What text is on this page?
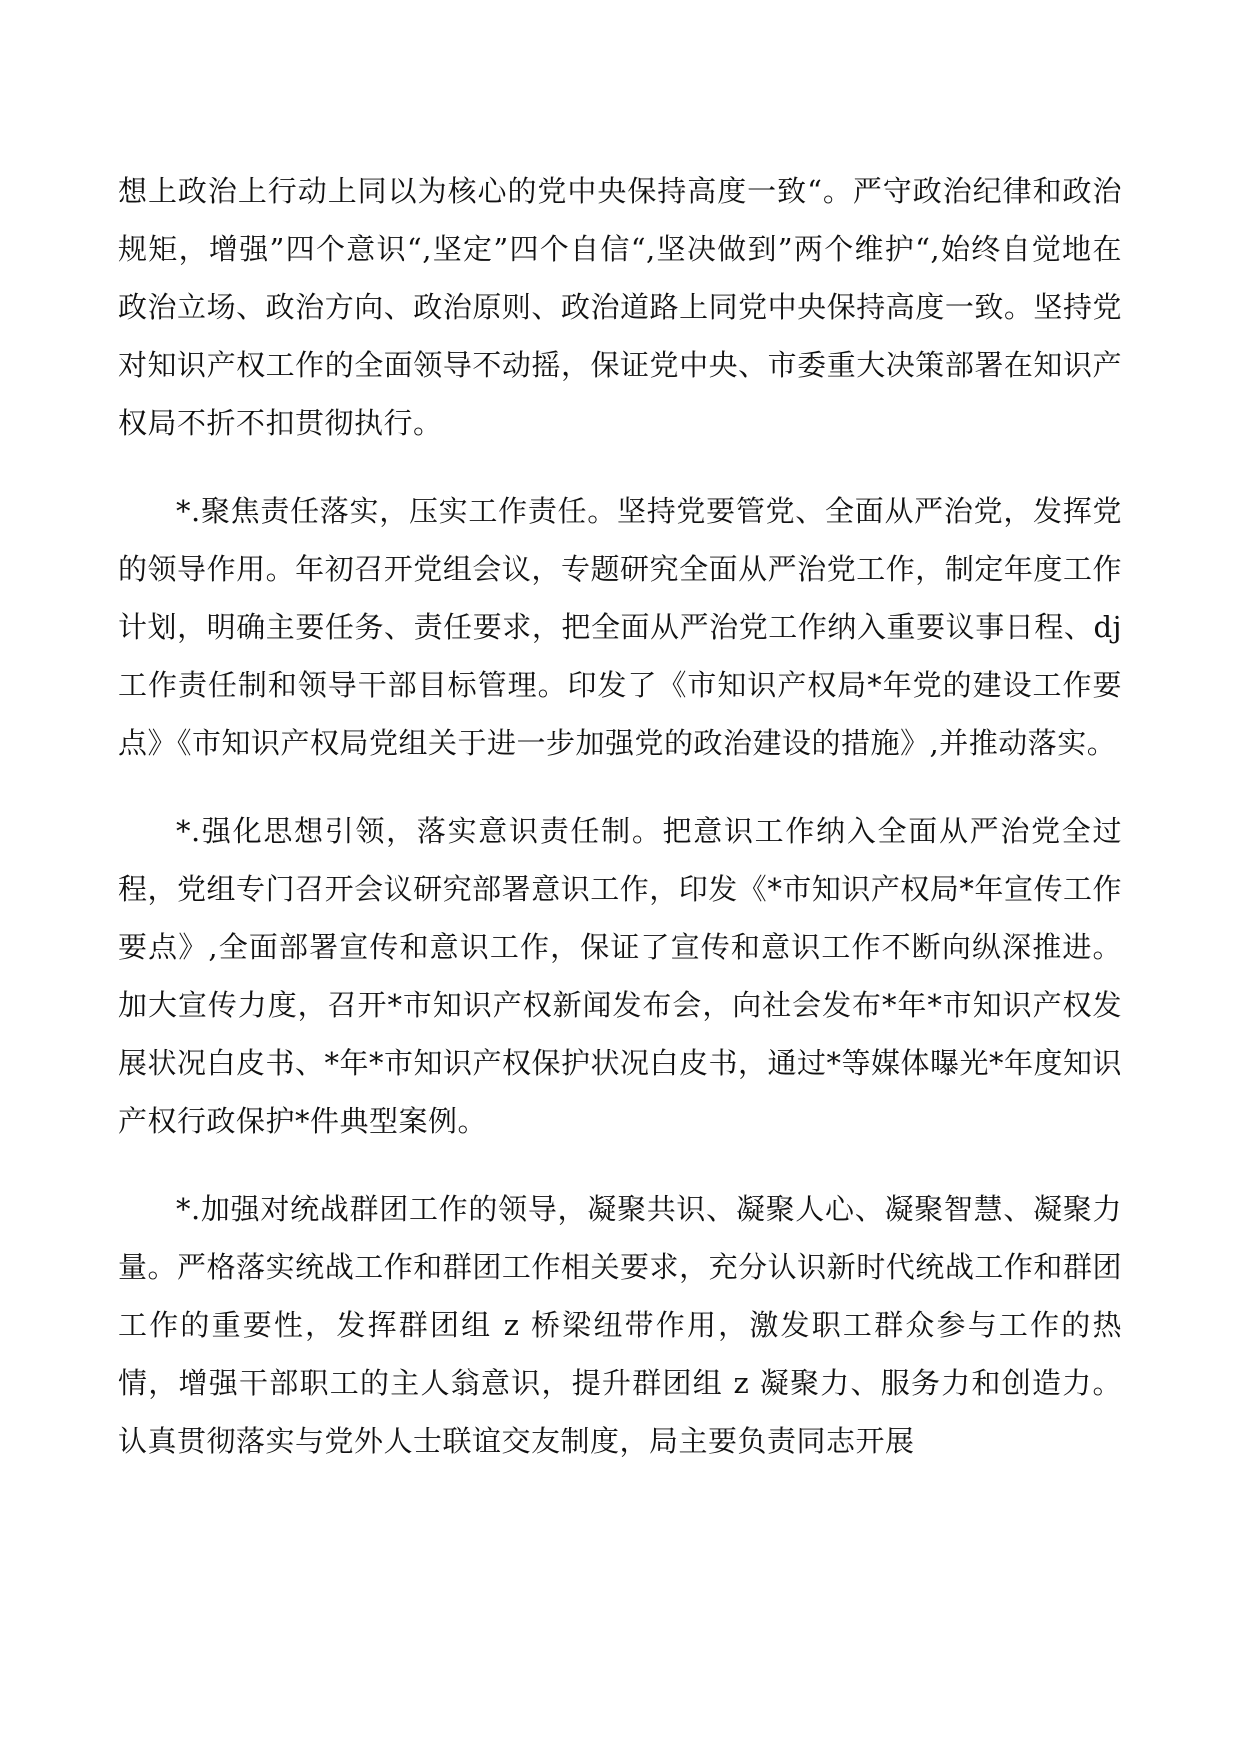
想上政治上行动上同以为核心的党中央保持高度一致“。严守政治纪律和政治规矩，增强”四个意识“,坚定”四个自信“,坚决做到”两个维护“,始终自觉地在政治立场、政治方向、政治原则、政治道路上同党中央保持高度一致。坚持党对知识产权工作的全面领导不动摇，保证党中央、市委重大决策部署在知识产权局不折不扣贯彻执行。

*.聚焦责任落实，压实工作责任。坚持党要管党、全面从严治党，发挥党的领导作用。年初召开党组会议，专题研究全面从严治党工作，制定年度工作计划，明确主要任务、责任要求，把全面从严治党工作纳入重要议事日程、dj 工作责任制和领导干部目标管理。印发了《市知识产权局*年党的建设工作要点》《市知识产权局党组关于进一步加强党的政治建设的措施》,并推动落实。

*.强化思想引领，落实意识责任制。把意识工作纳入全面从严治党全过程，党组专门召开会议研究部署意识工作，印发《*市知识产权局*年宣传工作要点》,全面部署宣传和意识工作，保证了宣传和意识工作不断向纵深推进。加大宣传力度，召开*市知识产权新闻发布会，向社会发布*年*市知识产权发展状况白皮书、*年*市知识产权保护状况白皮书，通过*等媒体曝光*年度知识产权行政保护*件典型案例。

*.加强对统战群团工作的领导，凝聚共识、凝聚人心、凝聚智慧、凝聚力量。严格落实统战工作和群团工作相关要求，充分认识新时代统战工作和群团工作的重要性，发挥群团组 z 桥梁纽带作用，激发职工群众参与工作的热情，增强干部职工的主人翁意识，提升群团组 z 凝聚力、服务力和创造力。认真贯彻落实与党外人士联谊交友制度，局主要负责同志开展
